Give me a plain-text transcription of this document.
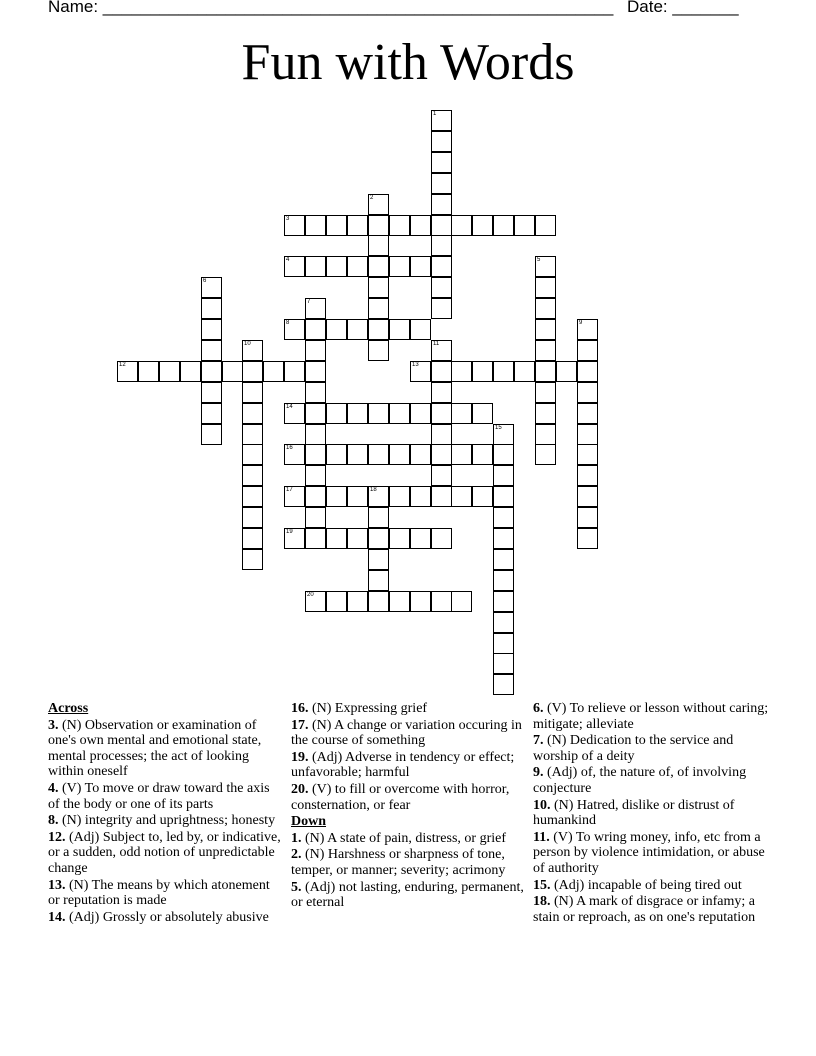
Name: ______________________________________________________ Date: _______
Fun with Words
1
2
3
4	5
6
7
8	9
10	11
12	13
14
15
16
17	18
19
20
Across
3. (N) Observation or examination of one's own mental and emotional state, mental processes; the act of looking within oneself
4. (V) To move or draw toward the axis of the body or one of its parts
8. (N) integrity and uprightness; honesty
12. (Adj) Subject to, led by, or indicative, or a sudden, odd notion of unpredictable change
13. (N) The means by which atonement or reputation is made
14. (Adj) Grossly or absolutely abusive
16. (N) Expressing grief
17. (N) A change or variation occuring in the course of something
19. (Adj) Adverse in tendency or effect; unfavorable; harmful
20. (V) to fill or overcome with horror, consternation, or fear
Down
1. (N) A state of pain, distress, or grief
2. (N) Harshness or sharpness of tone, temper, or manner; severity; acrimony
5. (Adj) not lasting, enduring, permanent, or eternal
6. (V) To relieve or lesson without caring; mitigate; alleviate
7. (N) Dedication to the service and worship of a deity
9. (Adj) of, the nature of, of involving conjecture
10. (N) Hatred, dislike or distrust of humankind
11. (V) To wring money, info, etc from a person by violence intimidation, or abuse of authority
15. (Adj) incapable of being tired out
18. (N) A mark of disgrace or infamy; a stain or reproach, as on one's reputation
